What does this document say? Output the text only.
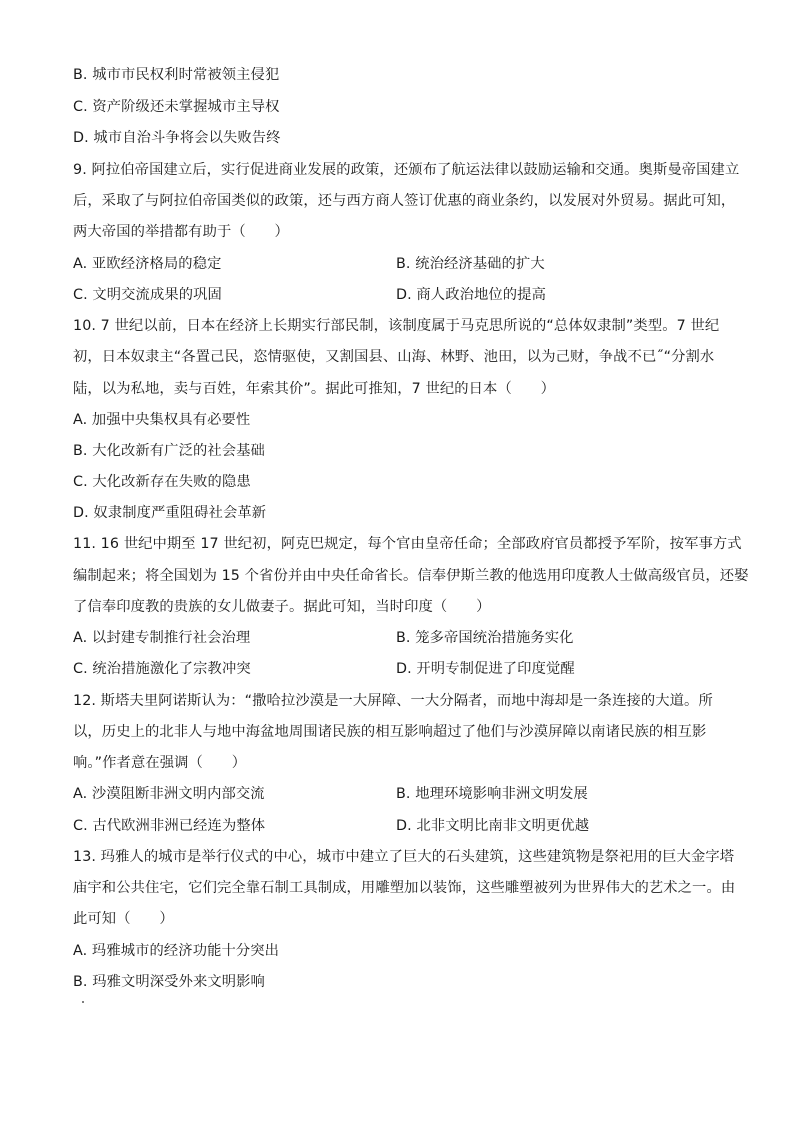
B. 城市市民权利时常被领主侵犯
C. 资产阶级还未掌握城市主导权
D. 城市自治斗争将会以失败告终
9. 阿拉伯帝国建立后，实行促进商业发展的政策，还颁布了航运法律以鼓励运输和交通。奥斯曼帝国建立
后，采取了与阿拉伯帝国类似的政策，还与西方商人签订优惠的商业条约，以发展对外贸易。据此可知，
两大帝国的举措都有助于（　　）
A. 亚欧经济格局的稳定	B. 统治经济基础的扩大
C. 文明交流成果的巩固	D. 商人政治地位的提高
10. 7 世纪以前，日本在经济上长期实行部民制，该制度属于马克思所说的“总体奴隶制”类型。7 世纪
初，日本奴隶主“各置己民，恣情驱使，又割国县、山海、林野、池田，以为己财，争战不已˝“分割水
陆，以为私地，卖与百姓，年索其价”。据此可推知，7 世纪的日本（　　）
A. 加强中央集权具有必要性
B. 大化改新有广泛的社会基础
C. 大化改新存在失败的隐患
D. 奴隶制度严重阻碍社会革新
11. 16 世纪中期至 17 世纪初，阿克巴规定，每个官由皇帝任命；全部政府官员都授予军阶，按军事方式
编制起来；将全国划为 15 个省份并由中央任命省长。信奉伊斯兰教的他选用印度教人士做高级官员，还娶
了信奉印度教的贵族的女儿做妻子。据此可知，当时印度（　　）
A. 以封建专制推行社会治理	B. 笼多帝国统治措施务实化
C. 统治措施激化了宗教冲突	D. 开明专制促进了印度觉醒
12. 斯塔夫里阿诺斯认为：“撒哈拉沙漠是一大屏障、一大分隔者，而地中海却是一条连接的大道。所
以，历史上的北非人与地中海盆地周围诸民族的相互影响超过了他们与沙漠屏障以南诸民族的相互影
响。”作者意在强调（　　）
A. 沙漠阻断非洲文明内部交流	B. 地理环境影响非洲文明发展
C. 古代欧洲非洲已经连为整体	D. 北非文明比南非文明更优越
13. 玛雅人的城市是举行仪式的中心，城市中建立了巨大的石头建筑，这些建筑物是祭祀用的巨大金字塔
庙宇和公共住宅，它们完全靠石制工具制成，用雕塑加以装饰，这些雕塑被列为世界伟大的艺术之一。由
此可知（　　）
A. 玛雅城市的经济功能十分突出
B. 玛雅文明深受外来文明影响
